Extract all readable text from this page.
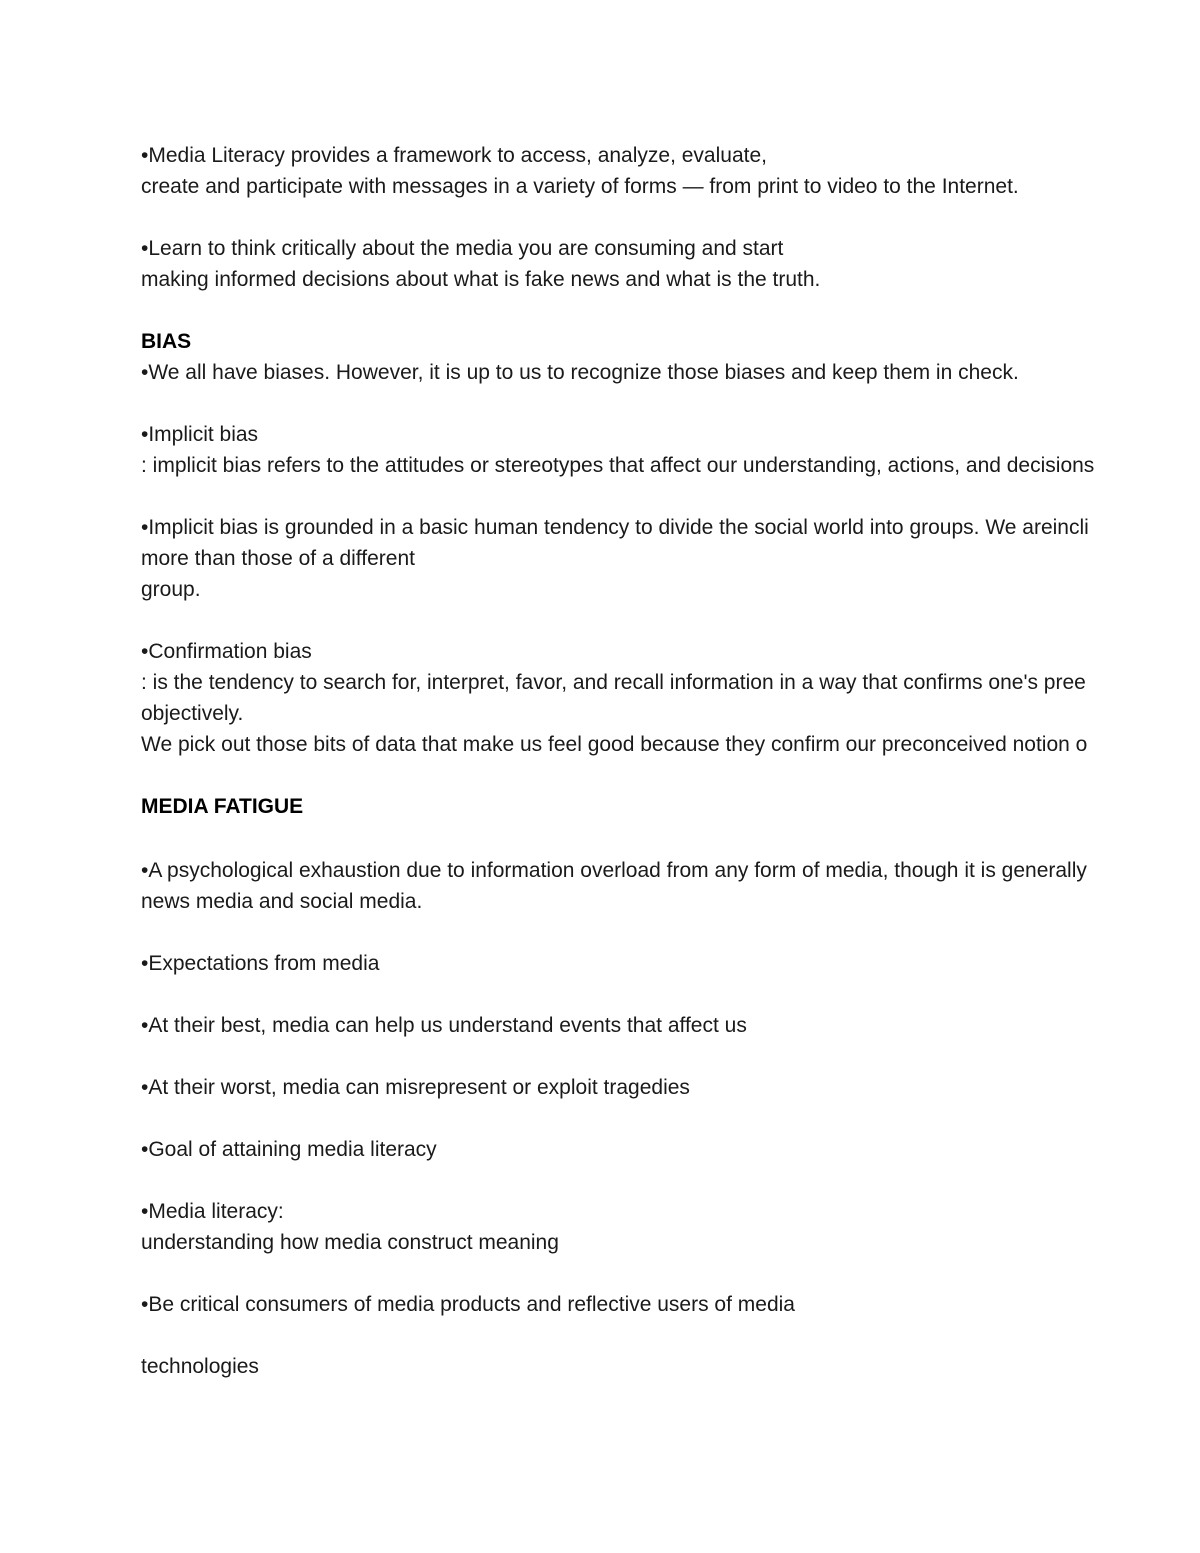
•Media Literacy provides a framework to access, analyze, evaluate,

create and participate with messages in a variety of forms — from print to video to the Internet.

•Learn to think critically about the media you are consuming and start

making informed decisions about what is fake news and what is the truth.

BIAS

•We all have biases. However, it is up to us to recognize those biases and keep them in check.

•Implicit bias

: implicit bias refers to the attitudes or stereotypes that affect our understanding, actions, and decisions

•Implicit bias is grounded in a basic human tendency to divide the social world into groups. We areincli

more than those of a different

group.

•Confirmation bias

: is the tendency to search for, interpret, favor, and recall information in a way that confirms one's pree

objectively.

We pick out those bits of data that make us feel good because they confirm our preconceived notion o

MEDIA FATIGUE

•A psychological exhaustion due to information overload from any form of media, though it is generally

news media and social media.

•Expectations from media

•At their best, media can help us understand events that affect us

•At their worst, media can misrepresent or exploit tragedies

•Goal of attaining media literacy

•Media literacy:

understanding how media construct meaning

•Be critical consumers of media products and reflective users of media

technologies
